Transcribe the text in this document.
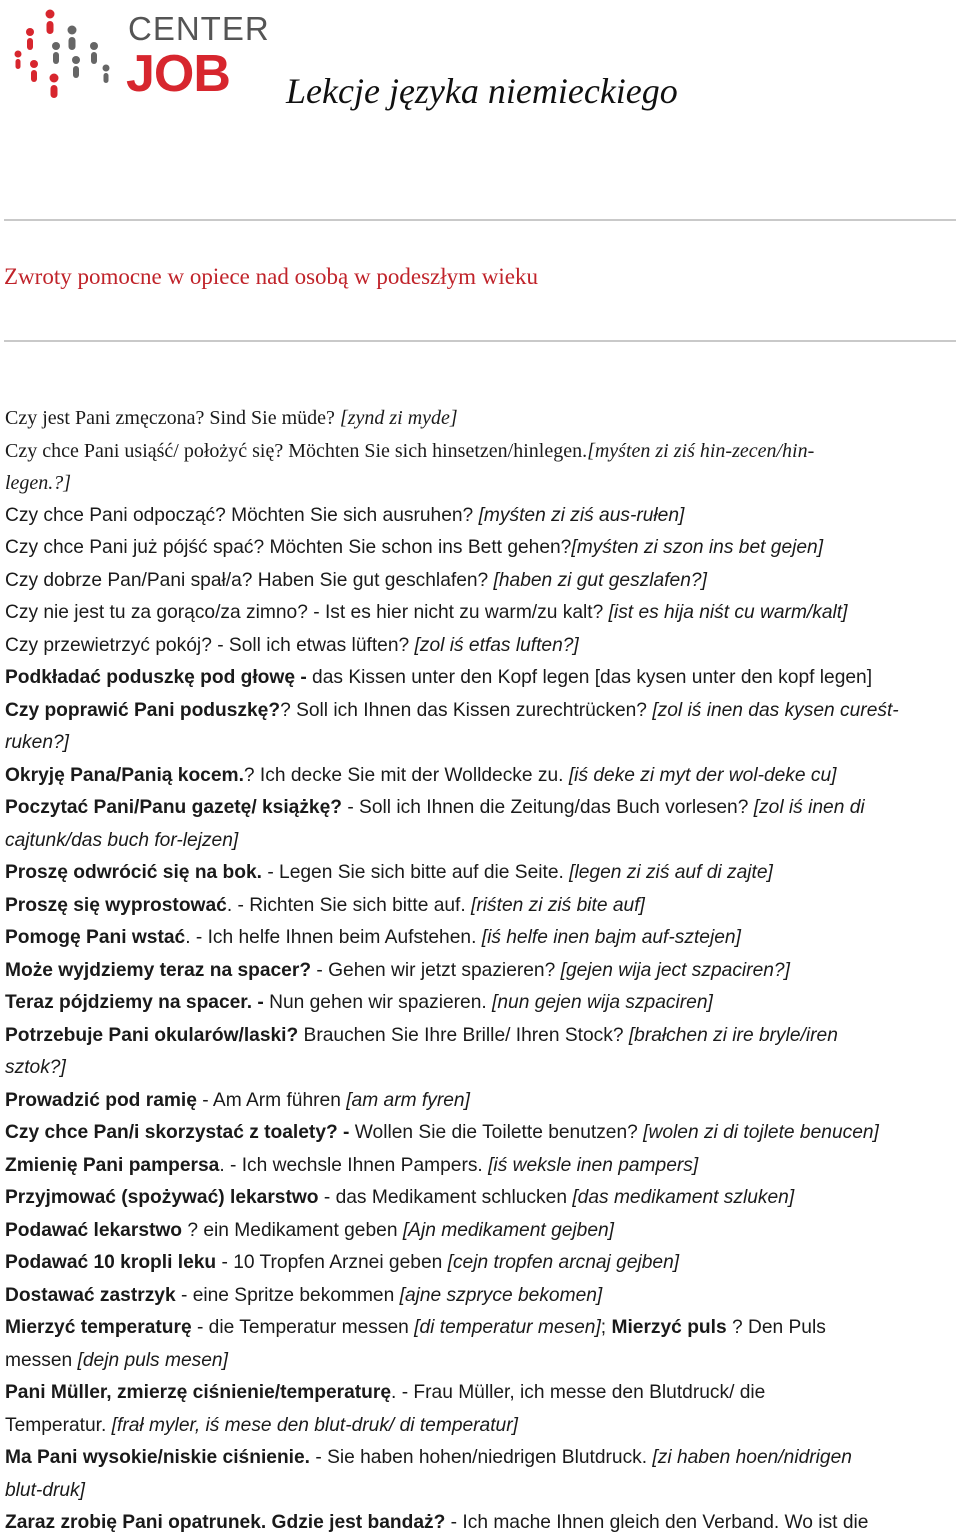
CENTER
JOB Lekcje języka niemieckiego
Zwroty pomocne w opiece nad osobą w podeszłym wieku

Czy jest Pani zmęczona? Sind Sie müde? [zynd zi myde]

Czy chce Pani usiąść/ położyć się? Möchten Sie sich hinsetzen/hinlegen.[myśten zi ziś hin-zecen/hin-

legen.?]

Czy chce Pani odpocząć? Möchten Sie sich ausruhen? [myśten zi ziś aus-rułen]

Czy chce Pani już pójść spać? Möchten Sie schon ins Bett gehen?[myśten zi szon ins bet gejen]

Czy dobrze Pan/Pani spał/a? Haben Sie gut geschlafen? [haben zi gut geszlafen?]

Czy nie jest tu za gorąco/za zimno? - Ist es hier nicht zu warm/zu kalt? [ist es hija niśt cu warm/kalt]

Czy przewietrzyć pokój? - Soll ich etwas lüften? [zol iś etfas luften?]

Podkładać poduszkę pod głowę - das Kissen unter den Kopf legen [das kysen unter den kopf legen]

Czy poprawić Pani poduszkę?? Soll ich Ihnen das Kissen zurechtrücken? [zol iś inen das kysen cureśt-

ruken?]

Okryję Pana/Panią kocem.? Ich decke Sie mit der Wolldecke zu. [iś deke zi myt der wol-deke cu]

Poczytać Pani/Panu gazetę/ książkę? - Soll ich Ihnen die Zeitung/das Buch vorlesen? [zol iś inen di

cajtunk/das buch for-lejzen]

Proszę odwrócić się na bok. - Legen Sie sich bitte auf die Seite. [legen zi ziś auf di zajte]

Proszę się wyprostować. - Richten Sie sich bitte auf. [riśten zi ziś bite auf]

Pomogę Pani wstać. - Ich helfe Ihnen beim Aufstehen. [iś helfe inen bajm auf-sztejen]

Może wyjdziemy teraz na spacer? - Gehen wir jetzt spazieren? [gejen wija ject szpaciren?]

Teraz pójdziemy na spacer. - Nun gehen wir spazieren. [nun gejen wija szpaciren]

Potrzebuje Pani okularów/laski? Brauchen Sie Ihre Brille/ Ihren Stock? [brałchen zi ire bryle/iren

sztok?]

Prowadzić pod ramię - Am Arm führen [am arm fyren]

Czy chce Pan/i skorzystać z toalety? - Wollen Sie die Toilette benutzen? [wolen zi di tojlete benucen]

Zmienię Pani pampersa. - Ich wechsle Ihnen Pampers. [iś weksle inen pampers]

Przyjmować (spożywać) lekarstwo - das Medikament schlucken [das medikament szluken]

Podawać lekarstwo ? ein Medikament geben [Ajn medikament gejben]

Podawać 10 kropli leku - 10 Tropfen Arznei geben [cejn tropfen arcnaj gejben]

Dostawać zastrzyk - eine Spritze bekommen [ajne szpryce bekomen]

Mierzyć temperaturę - die Temperatur messen [di temperatur mesen]; Mierzyć puls ? Den Puls

messen [dejn puls mesen]

Pani Müller, zmierzę ciśnienie/temperaturę. - Frau Müller, ich messe den Blutdruck/ die

Temperatur. [frał myler, iś mese den blut-druk/ di temperatur]

Ma Pani wysokie/niskie ciśnienie. - Sie haben hohen/niedrigen Blutdruck. [zi haben hoen/nidrigen

blut-druk]

Zaraz zrobię Pani opatrunek. Gdzie jest bandaż? - Ich mache Ihnen gleich den Verband. Wo ist die
